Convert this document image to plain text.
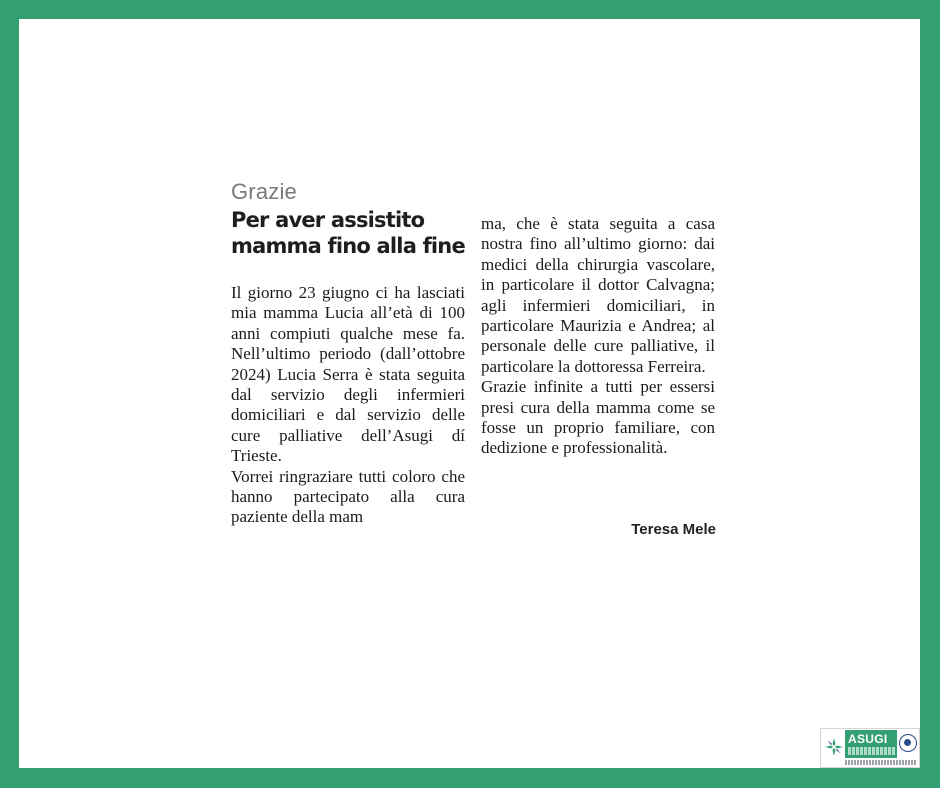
Grazie
Per aver assistito mamma fino alla fine

Il giorno 23 giugno ci ha lasciati mia mamma Lucia all’età di 100 anni compiuti qualche mese fa. Nell’ultimo periodo (dall’ottobre 2024) Lucia Serra è stata seguita dal servizio degli infermieri domiciliari e dal servizio delle cure palliative dell’Asugi dí Trieste.

Vorrei ringraziare tutti coloro che hanno partecipato alla cura paziente della mam

ma, che è stata seguita a casa nostra fino all’ultimo giorno: dai medici della chirurgia vascolare, in particolare il dottor Calvagna; agli infermieri domiciliari, in particolare Maurizia e Andrea; al personale delle cure palliative, il particolare la dottoressa Ferreira.

Grazie infinite a tutti per essersi presi cura della mamma come se fosse un proprio familiare, con dedizione e professionalità.

Teresa Mele
ASUGI
